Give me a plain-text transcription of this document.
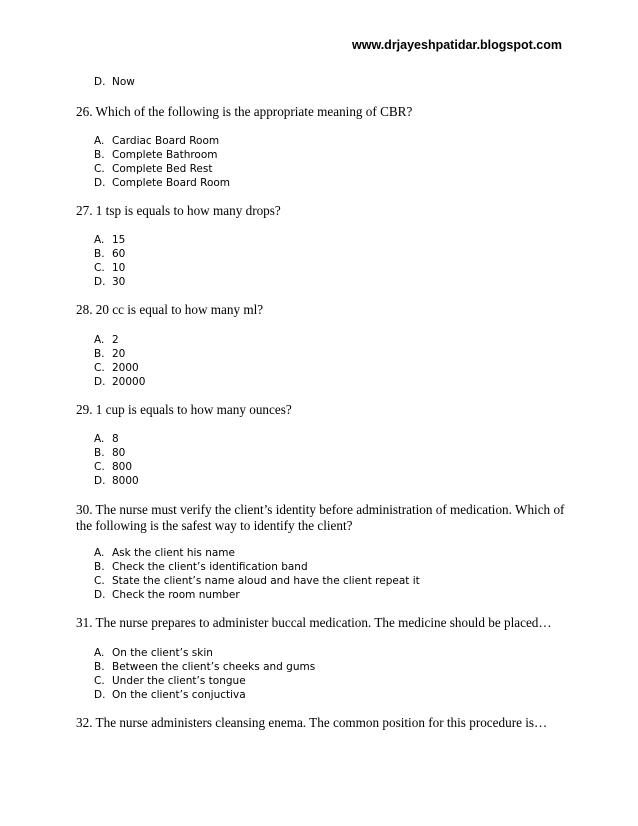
www.drjayeshpatidar.blogspot.com
D. Now
26. Which of the following is the appropriate meaning of CBR?
A. Cardiac Board Room
B. Complete Bathroom
C. Complete Bed Rest
D. Complete Board Room
27. 1 tsp is equals to how many drops?
A. 15
B. 60
C. 10
D. 30
28. 20 cc is equal to how many ml?
A. 2
B. 20
C. 2000
D. 20000
29. 1 cup is equals to how many ounces?
A. 8
B. 80
C. 800
D. 8000
30. The nurse must verify the client’s identity before administration of medication. Which of the following is the safest way to identify the client?
A. Ask the client his name
B. Check the client’s identification band
C. State the client’s name aloud and have the client repeat it
D. Check the room number
31. The nurse prepares to administer buccal medication. The medicine should be placed…
A. On the client’s skin
B. Between the client’s cheeks and gums
C. Under the client’s tongue
D. On the client’s conjuctiva
32. The nurse administers cleansing enema. The common position for this procedure is…
